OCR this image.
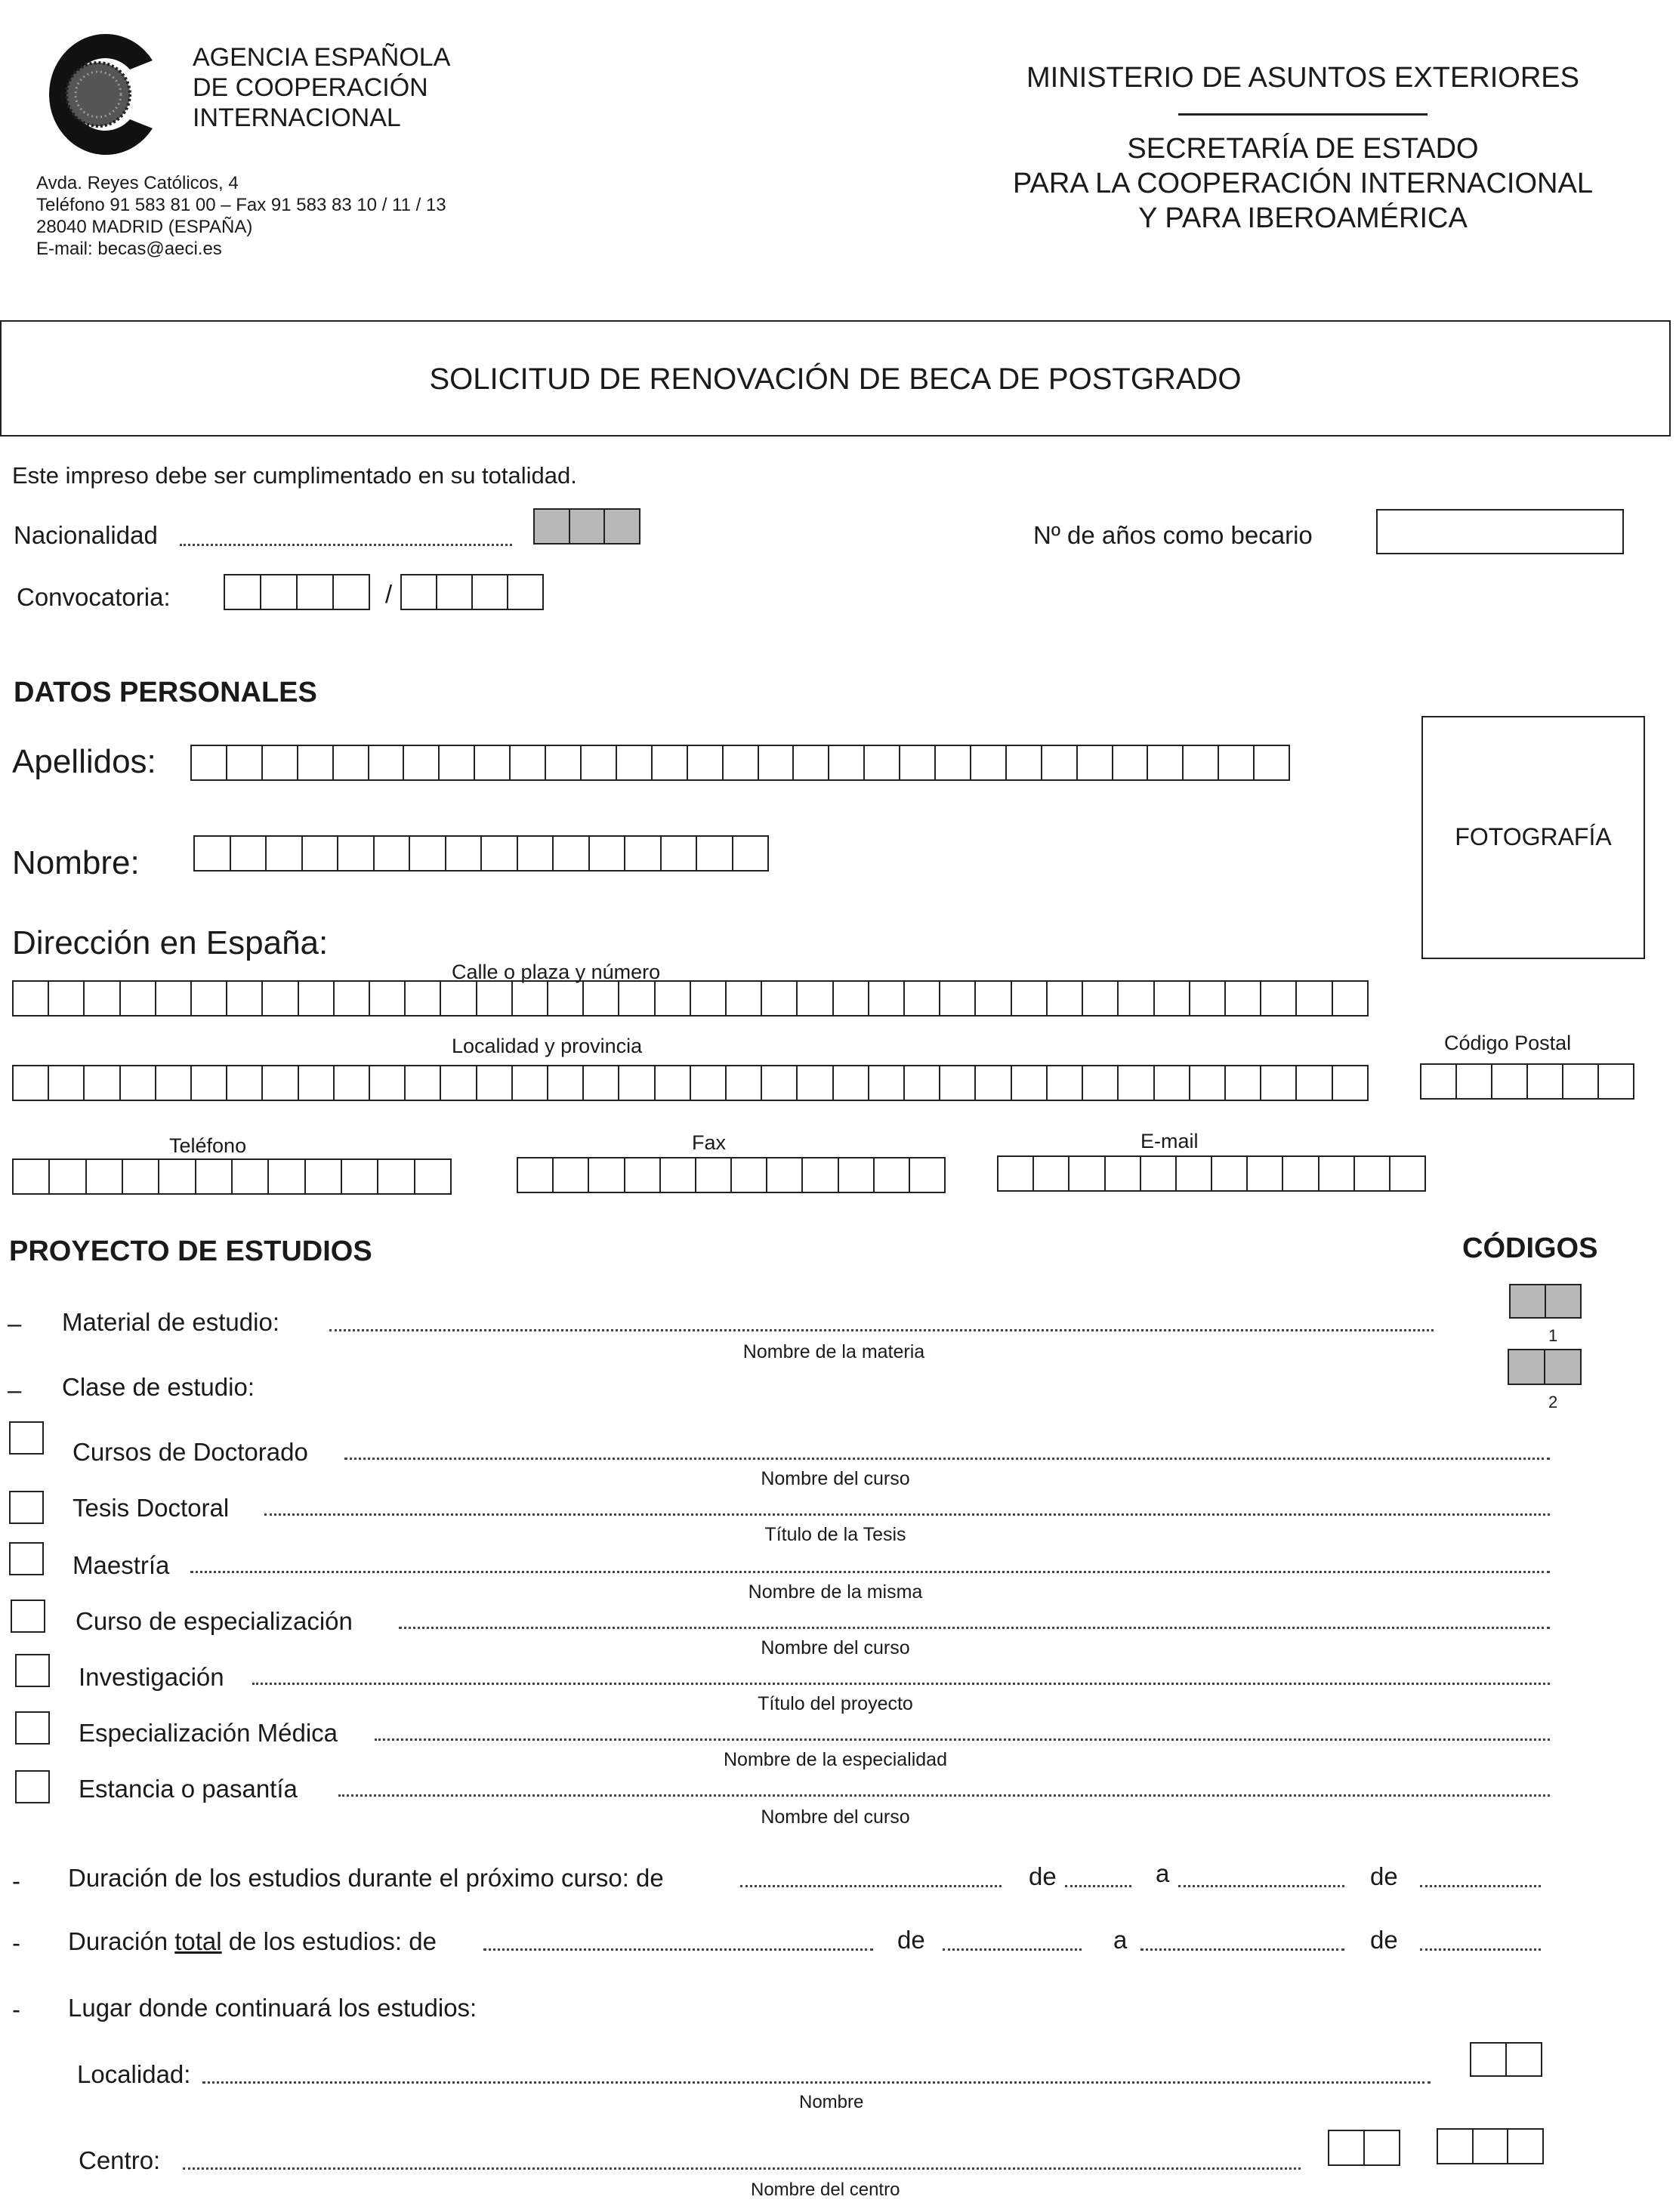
AGENCIA ESPAÑOLA
DE COOPERACIÓN
INTERNACIONAL
Avda. Reyes Católicos, 4
Teléfono 91 583 81 00 – Fax 91 583 83 10 / 11 / 13
28040 MADRID (ESPAÑA)
E-mail: becas@aeci.es
MINISTERIO DE ASUNTOS EXTERIORES
SECRETARÍA DE ESTADO
PARA LA COOPERACIÓN INTERNACIONAL
Y PARA IBEROAMÉRICA
SOLICITUD DE RENOVACIÓN DE BECA DE POSTGRADO
Este impreso debe ser cumplimentado en su totalidad.
Nacionalidad	Nº de años como becario
Convocatoria:	/
DATOS PERSONALES
Apellidos:
Nombre:
FOTOGRAFÍA
Dirección en España:
Calle o plaza y número
Localidad y provincia	Código Postal
Teléfono	Fax	E-mail
PROYECTO DE ESTUDIOS	CÓDIGOS
– Material de estudio:
Nombre de la materia
1
2
– Clase de estudio:
Cursos de Doctorado
Nombre del curso
Tesis Doctoral
Título de la Tesis
Maestría
Nombre de la misma
Curso de especialización
Nombre del curso
Investigación
Título del proyecto
Especialización Médica
Nombre de la especialidad
Estancia o pasantía
Nombre del curso
- Duración de los estudios durante el próximo curso: de	de	a	de
- Duración total de los estudios: de	de	a	de
- Lugar donde continuará los estudios:
Localidad:
Nombre
Centro:
Nombre del centro
